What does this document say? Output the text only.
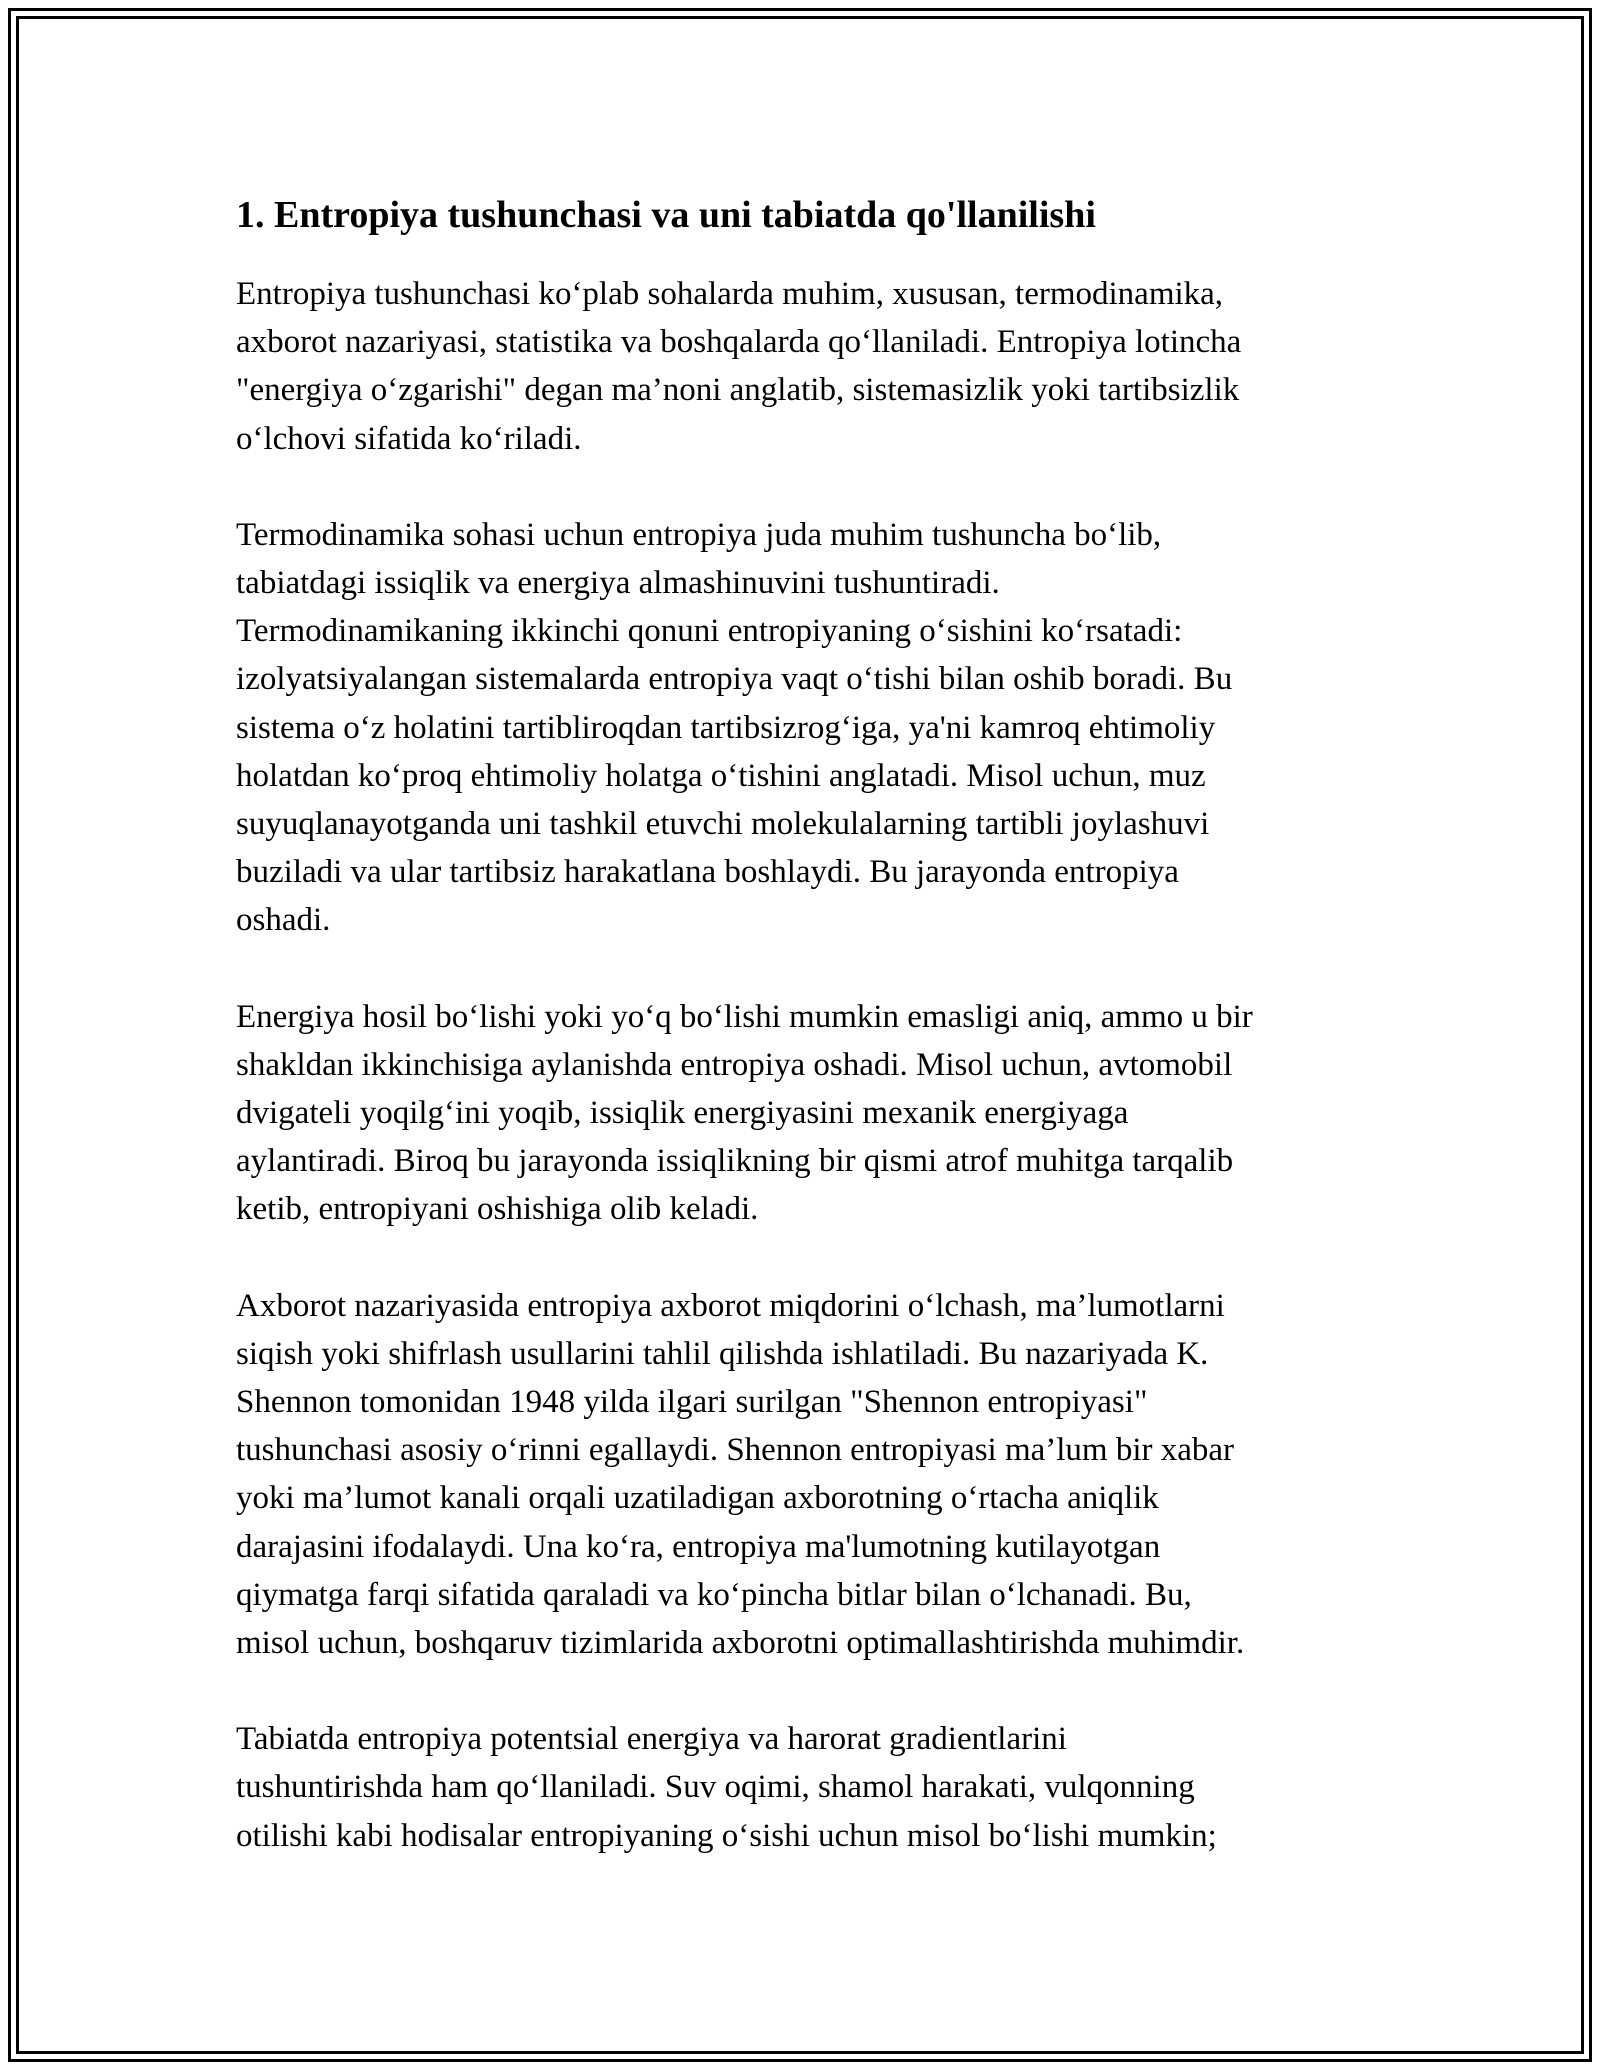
1. Entropiya tushunchasi va uni tabiatda qo'llanilishi

Entropiya tushunchasi ko‘plab sohalarda muhim, xususan, termodinamika,
axborot nazariyasi, statistika va boshqalarda qo‘llaniladi. Entropiya lotincha
"energiya o‘zgarishi" degan ma’noni anglatib, sistemasizlik yoki tartibsizlik
o‘lchovi sifatida ko‘riladi.

Termodinamika sohasi uchun entropiya juda muhim tushuncha bo‘lib,
tabiatdagi issiqlik va energiya almashinuvini tushuntiradi.
Termodinamikaning ikkinchi qonuni entropiyaning o‘sishini ko‘rsatadi:
izolyatsiyalangan sistemalarda entropiya vaqt o‘tishi bilan oshib boradi. Bu
sistema o‘z holatini tartibliroqdan tartibsizrog‘iga, ya'ni kamroq ehtimoliy
holatdan ko‘proq ehtimoliy holatga o‘tishini anglatadi. Misol uchun, muz
suyuqlanayotganda uni tashkil etuvchi molekulalarning tartibli joylashuvi
buziladi va ular tartibsiz harakatlana boshlaydi. Bu jarayonda entropiya
oshadi.

Energiya hosil bo‘lishi yoki yo‘q bo‘lishi mumkin emasligi aniq, ammo u bir
shakldan ikkinchisiga aylanishda entropiya oshadi. Misol uchun, avtomobil
dvigateli yoqilg‘ini yoqib, issiqlik energiyasini mexanik energiyaga
aylantiradi. Biroq bu jarayonda issiqlikning bir qismi atrof muhitga tarqalib
ketib, entropiyani oshishiga olib keladi.

Axborot nazariyasida entropiya axborot miqdorini o‘lchash, ma’lumotlarni
siqish yoki shifrlash usullarini tahlil qilishda ishlatiladi. Bu nazariyada K.
Shennon tomonidan 1948 yilda ilgari surilgan "Shennon entropiyasi"
tushunchasi asosiy o‘rinni egallaydi. Shennon entropiyasi ma’lum bir xabar
yoki ma’lumot kanali orqali uzatiladigan axborotning o‘rtacha aniqlik
darajasini ifodalaydi. Una ko‘ra, entropiya ma'lumotning kutilayotgan
qiymatga farqi sifatida qaraladi va ko‘pincha bitlar bilan o‘lchanadi. Bu,
misol uchun, boshqaruv tizimlarida axborotni optimallashtirishda muhimdir.

Tabiatda entropiya potentsial energiya va harorat gradientlarini
tushuntirishda ham qo‘llaniladi. Suv oqimi, shamol harakati, vulqonning
otilishi kabi hodisalar entropiyaning o‘sishi uchun misol bo‘lishi mumkin;
